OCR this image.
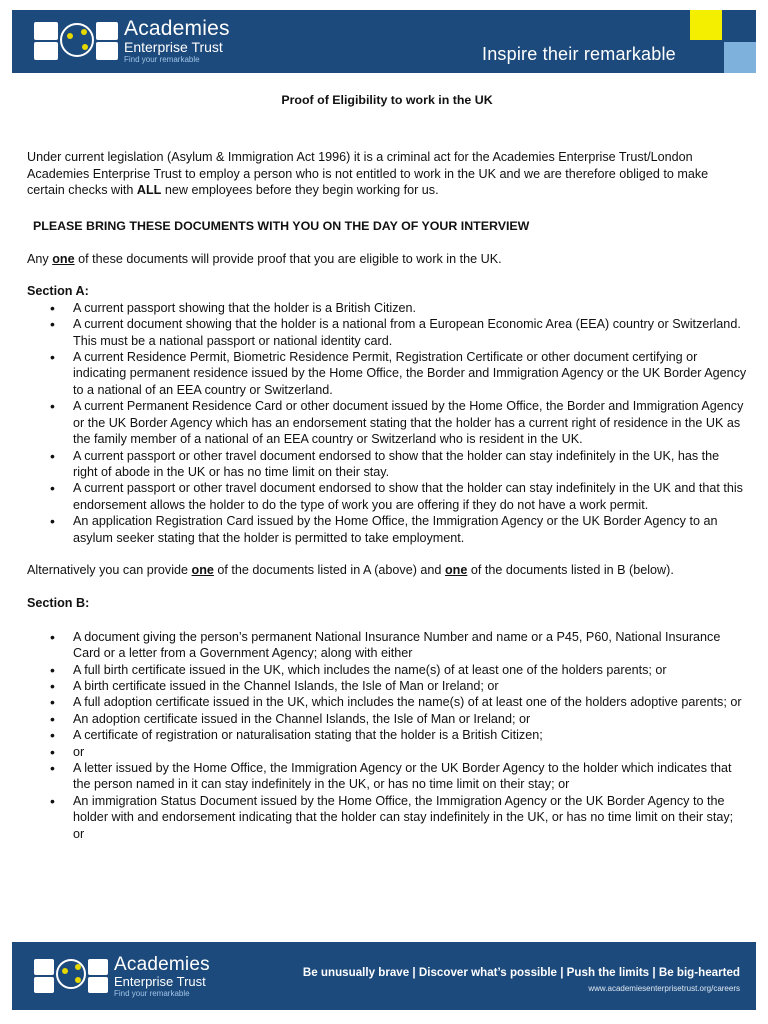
Academies
Enterprise Trust
Find your remarkable	Inspire their remarkable

Proof of Eligibility to work in the UK

Under current legislation (Asylum & Immigration Act 1996) it is a criminal act for the Academies Enterprise Trust/London Academies Enterprise Trust to employ a person who is not entitled to work in the UK and we are therefore obliged to make certain checks with ALL new employees before they begin working for us.

PLEASE BRING THESE DOCUMENTS WITH YOU ON THE DAY OF YOUR INTERVIEW

Any one of these documents will provide proof that you are eligible to work in the UK.

Section A:

• A current passport showing that the holder is a British Citizen.
• A current document showing that the holder is a national from a European Economic Area (EEA) country or Switzerland. This must be a national passport or national identity card.
• A current Residence Permit, Biometric Residence Permit, Registration Certificate or other document certifying or indicating permanent residence issued by the Home Office, the Border and Immigration Agency or the UK Border Agency to a national of an EEA country or Switzerland.
• A current Permanent Residence Card or other document issued by the Home Office, the Border and Immigration Agency or the UK Border Agency which has an endorsement stating that the holder has a current right of residence in the UK as the family member of a national of an EEA country or Switzerland who is resident in the UK.
• A current passport or other travel document endorsed to show that the holder can stay indefinitely in the UK, has the right of abode in the UK or has no time limit on their stay.
• A current passport or other travel document endorsed to show that the holder can stay indefinitely in the UK and that this endorsement allows the holder to do the type of work you are offering if they do not have a work permit.
• An application Registration Card issued by the Home Office, the Immigration Agency or the UK Border Agency to an asylum seeker stating that the holder is permitted to take employment.

Alternatively you can provide one of the documents listed in A (above) and one of the documents listed in B (below).

Section B:

• A document giving the person’s permanent National Insurance Number and name or a P45, P60, National Insurance Card or a letter from a Government Agency; along with either
• A full birth certificate issued in the UK, which includes the name(s) of at least one of the holders parents; or
• A birth certificate issued in the Channel Islands, the Isle of Man or Ireland; or
• A full adoption certificate issued in the UK, which includes the name(s) of at least one of the holders adoptive parents; or
• An adoption certificate issued in the Channel Islands, the Isle of Man or Ireland; or
• A certificate of registration or naturalisation stating that the holder is a British Citizen;
• or
• A letter issued by the Home Office, the Immigration Agency or the UK Border Agency to the holder which indicates that the person named in it can stay indefinitely in the UK, or has no time limit on their stay; or
• An immigration Status Document issued by the Home Office, the Immigration Agency or the UK Border Agency to the holder with and endorsement indicating that the holder can stay indefinitely in the UK, or has no time limit on their stay; or
Academies
Enterprise Trust
Find your remarkable
Be unusually brave | Discover what’s possible | Push the limits | Be big-hearted
www.academiesenterprisetrust.org/careers
